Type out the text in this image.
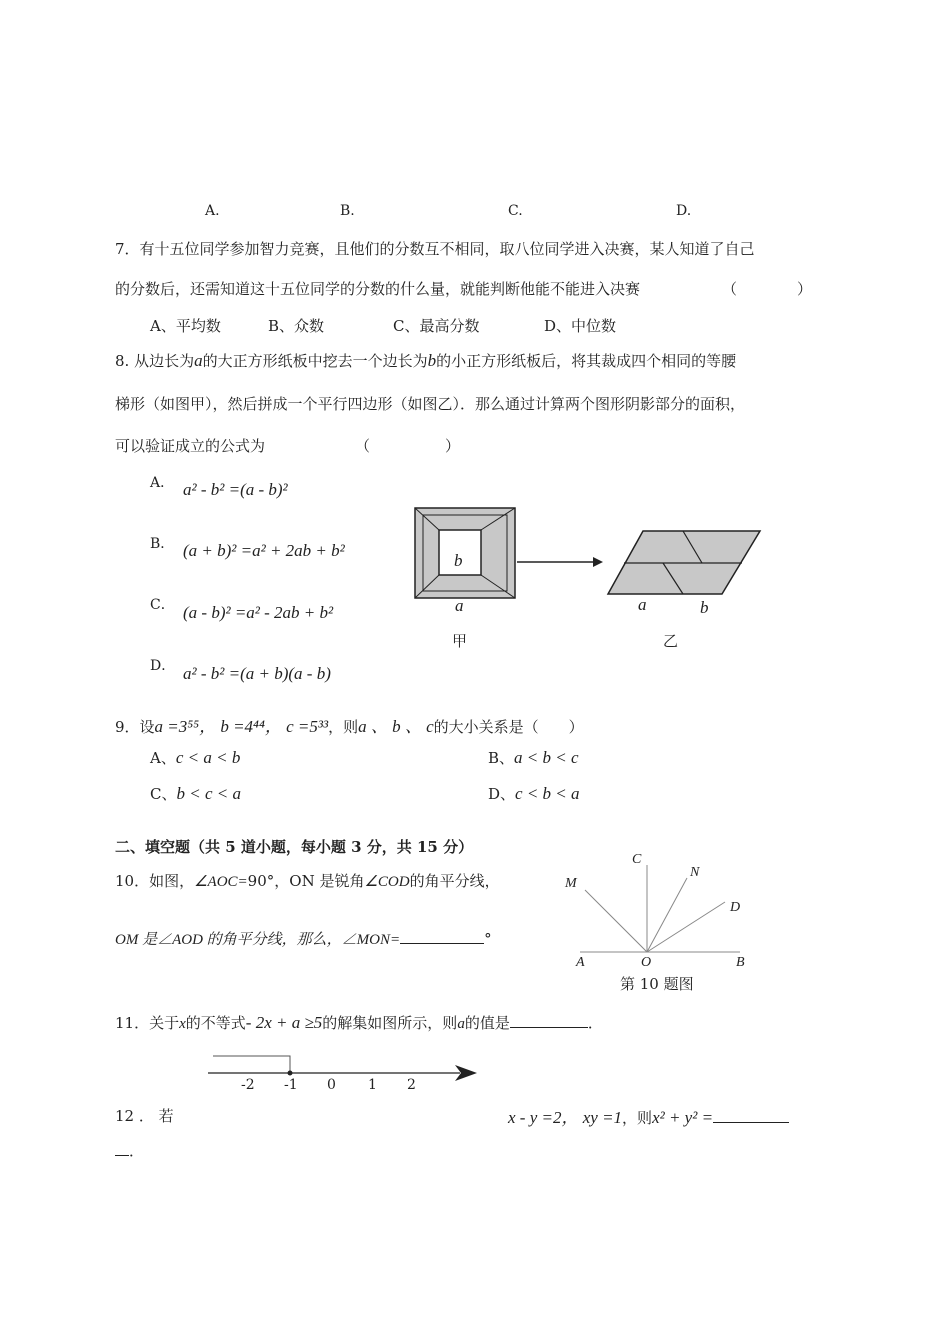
A.	B.	C.	D.
7．有十五位同学参加智力竞赛，且他们的分数互不相同，取八位同学进入决赛，某人知道了自己
的分数后，还需知道这十五位同学的分数的什么量，就能判断他能不能进入决赛	（　　　　）
A、平均数	B、众数	C、最高分数	D、中位数
8. 从边长为a的大正方形纸板中挖去一个边长为b的小正方形纸板后，将其裁成四个相同的等腰
梯形（如图甲），然后拼成一个平行四边形（如图乙）．那么通过计算两个图形阴影部分的面积，
可以验证成立的公式为	（　　　　　）
A． a² - b² =(a - b)²
B． (a + b)² =a² + 2ab + b²
C． (a - b)² =a² - 2ab + b²
D． a² - b² =(a + b)(a - b)
b
a
甲
a	b
乙
9．设a =3⁵⁵， b =4⁴⁴， c =5³³，则a 、 b 、 c的大小关系是（　　）
A、c < a < b	B、a < b < c
C、b < c < a	D、c < b < a
二、填空题（共 5 道小题，每小题 3 分，共 15 分）
10．如图，∠AOC=90°，ON 是锐角∠COD的角平分线，
OM 是∠AOD 的角平分线，那么，∠MON=	°
C
N
M
D
A	O	B
第 10 题图
11．关于x的不等式- 2x + a ≥5的解集如图所示，则a的值是	．
-2 -1 0 1 2
12 ． 若	x - y =2， xy =1，则x² + y² =
．
